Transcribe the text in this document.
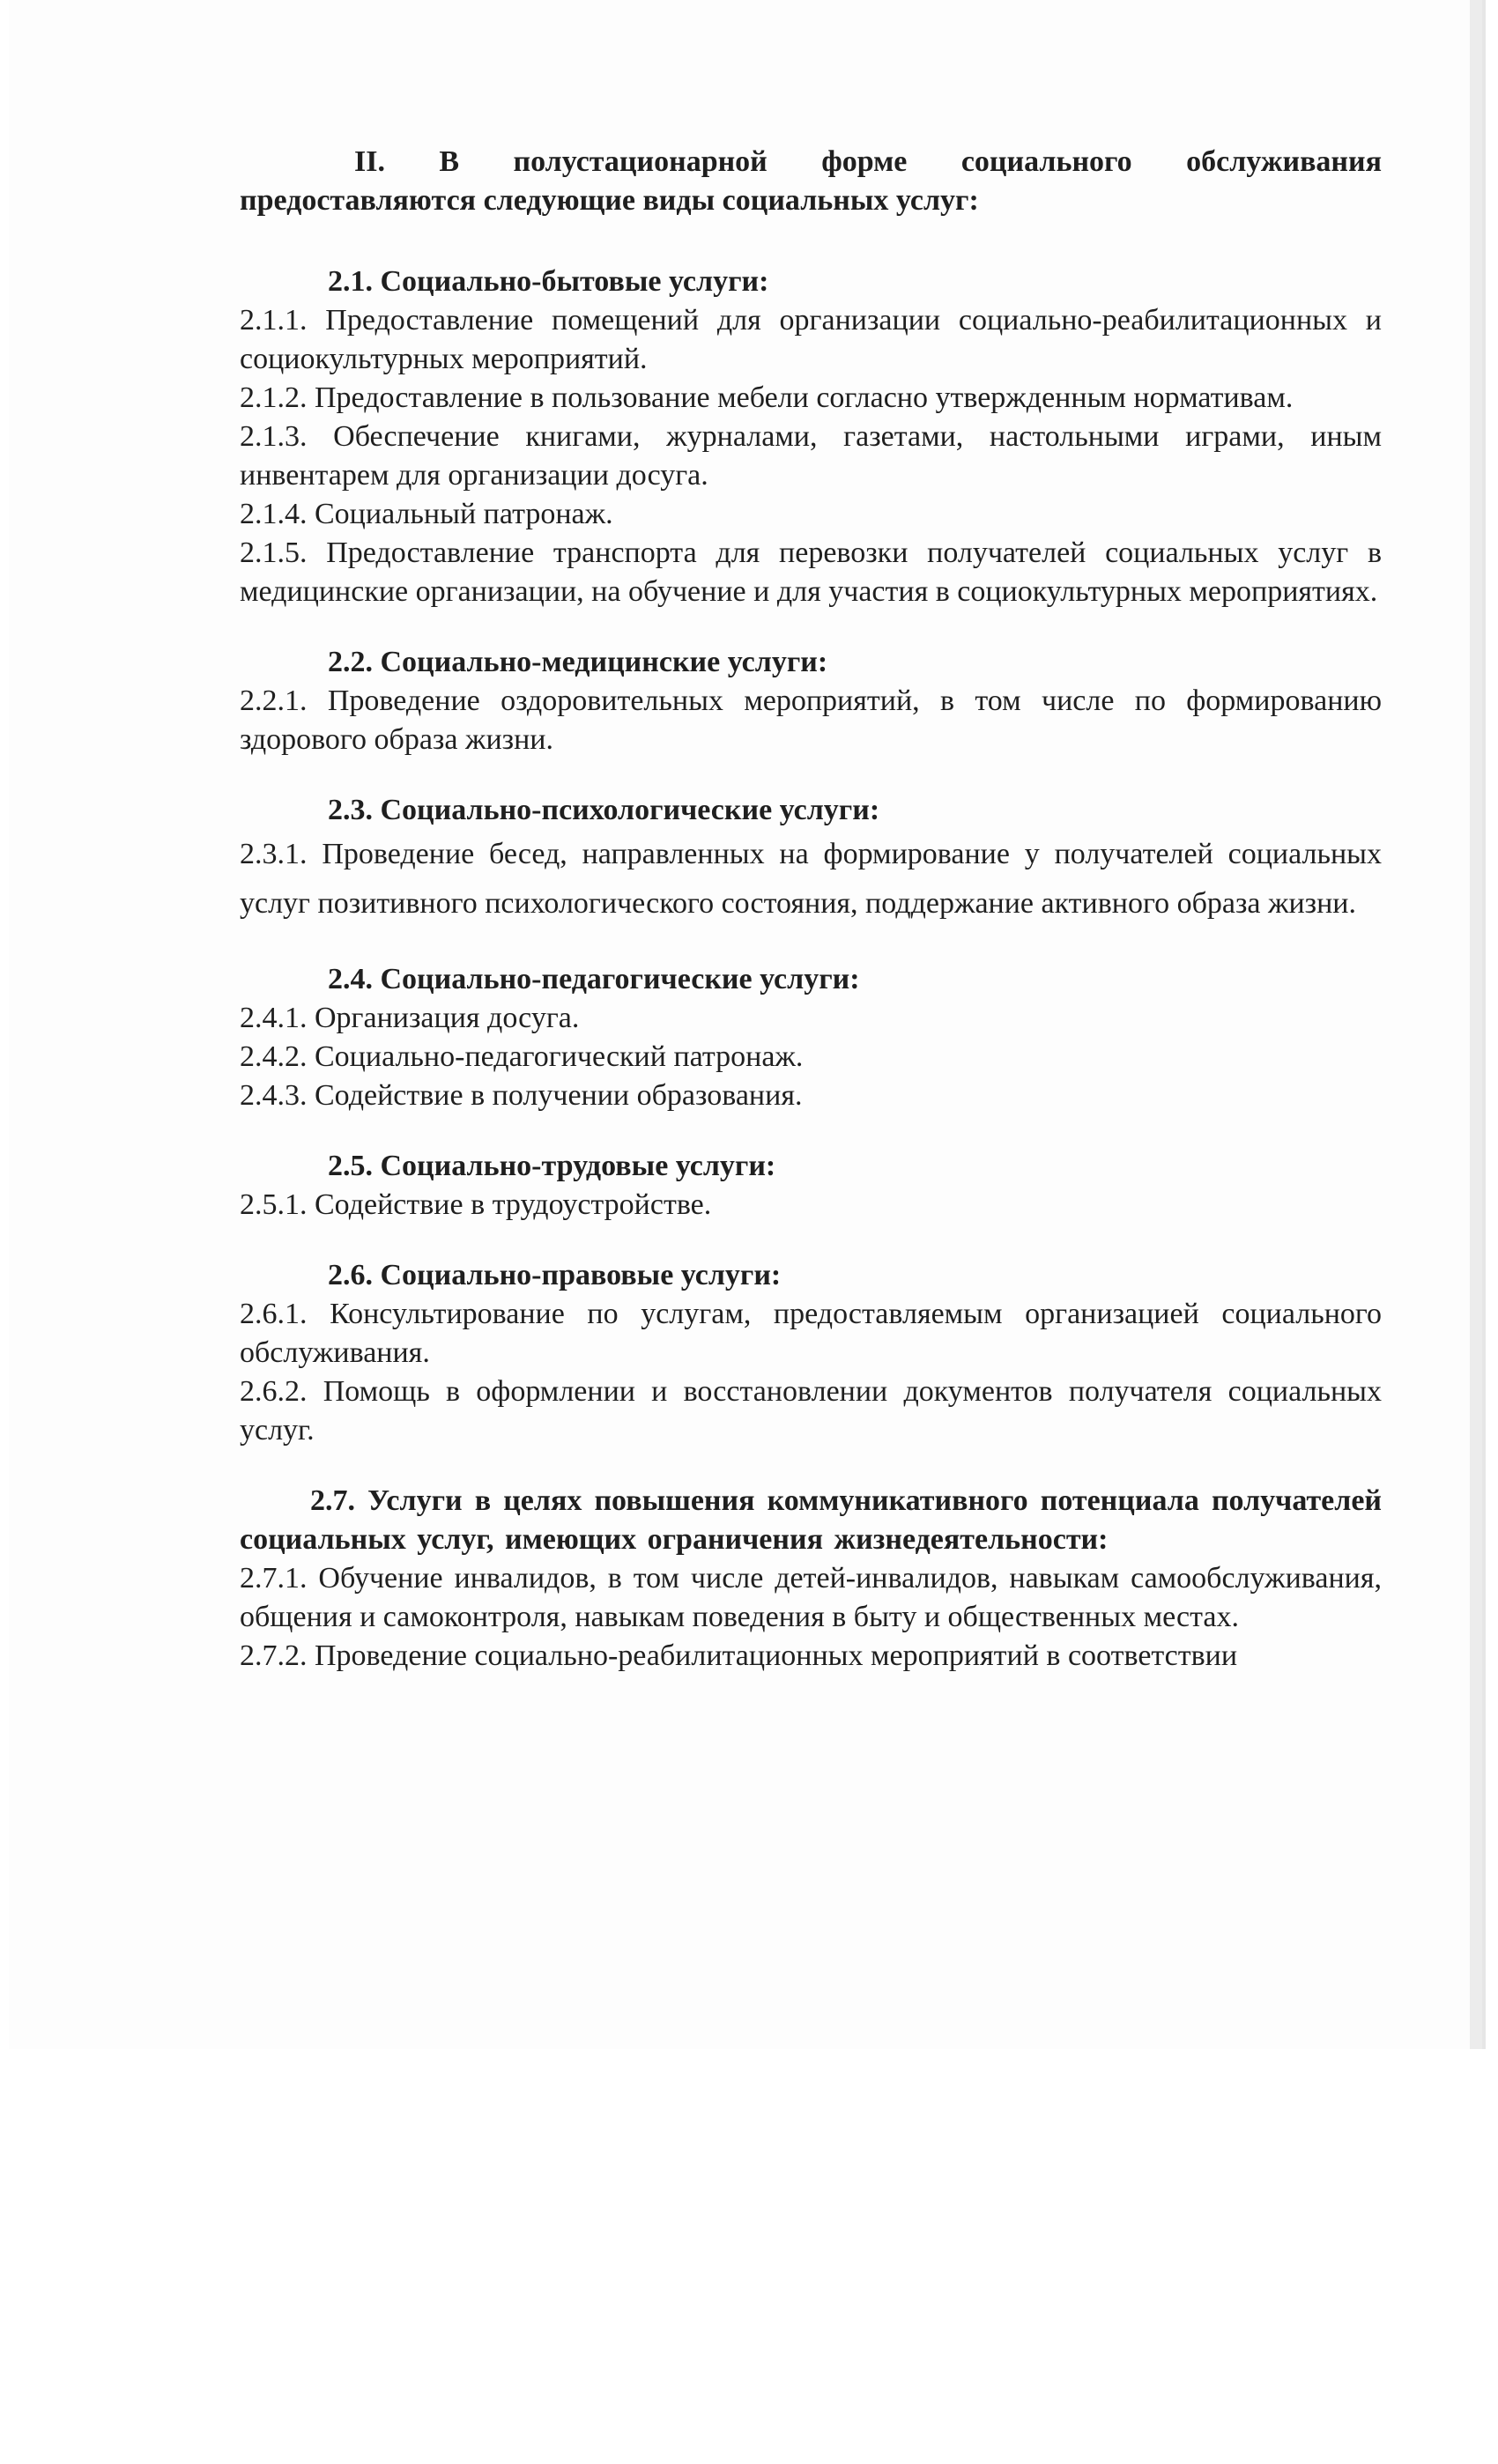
II. В полустационарной форме социального обслуживания предоставляются следующие виды социальных услуг:

2.1. Социально-бытовые услуги:

2.1.1. Предоставление помещений для организации социально-реабилитационных и социокультурных мероприятий.

2.1.2. Предоставление в пользование мебели согласно утвержденным нормативам.

2.1.3. Обеспечение книгами, журналами, газетами, настольными играми, иным инвентарем для организации досуга.

2.1.4. Социальный патронаж.

2.1.5. Предоставление транспорта для перевозки получателей социальных услуг в медицинские организации, на обучение и для участия в социокультурных мероприятиях.

2.2. Социально-медицинские услуги:

2.2.1. Проведение оздоровительных мероприятий, в том числе по формированию здорового образа жизни.

2.3. Социально-психологические услуги:

2.3.1. Проведение бесед, направленных на формирование у получателей социальных услуг позитивного психологического состояния, поддержание активного образа жизни.

2.4. Социально-педагогические услуги:

2.4.1. Организация досуга.

2.4.2. Социально-педагогический патронаж.

2.4.3. Содействие в получении образования.

2.5. Социально-трудовые услуги:

2.5.1. Содействие в трудоустройстве.

2.6. Социально-правовые услуги:

2.6.1. Консультирование по услугам, предоставляемым организацией социального обслуживания.

2.6.2. Помощь в оформлении и восстановлении документов получателя социальных услуг.

2.7. Услуги в целях повышения коммуникативного потенциала получателей социальных услуг, имеющих ограничения жизнедеятельности:

2.7.1. Обучение инвалидов, в том числе детей-инвалидов, навыкам самообслуживания, общения и самоконтроля, навыкам поведения в быту и общественных местах.

2.7.2. Проведение социально-реабилитационных мероприятий в соответствии
